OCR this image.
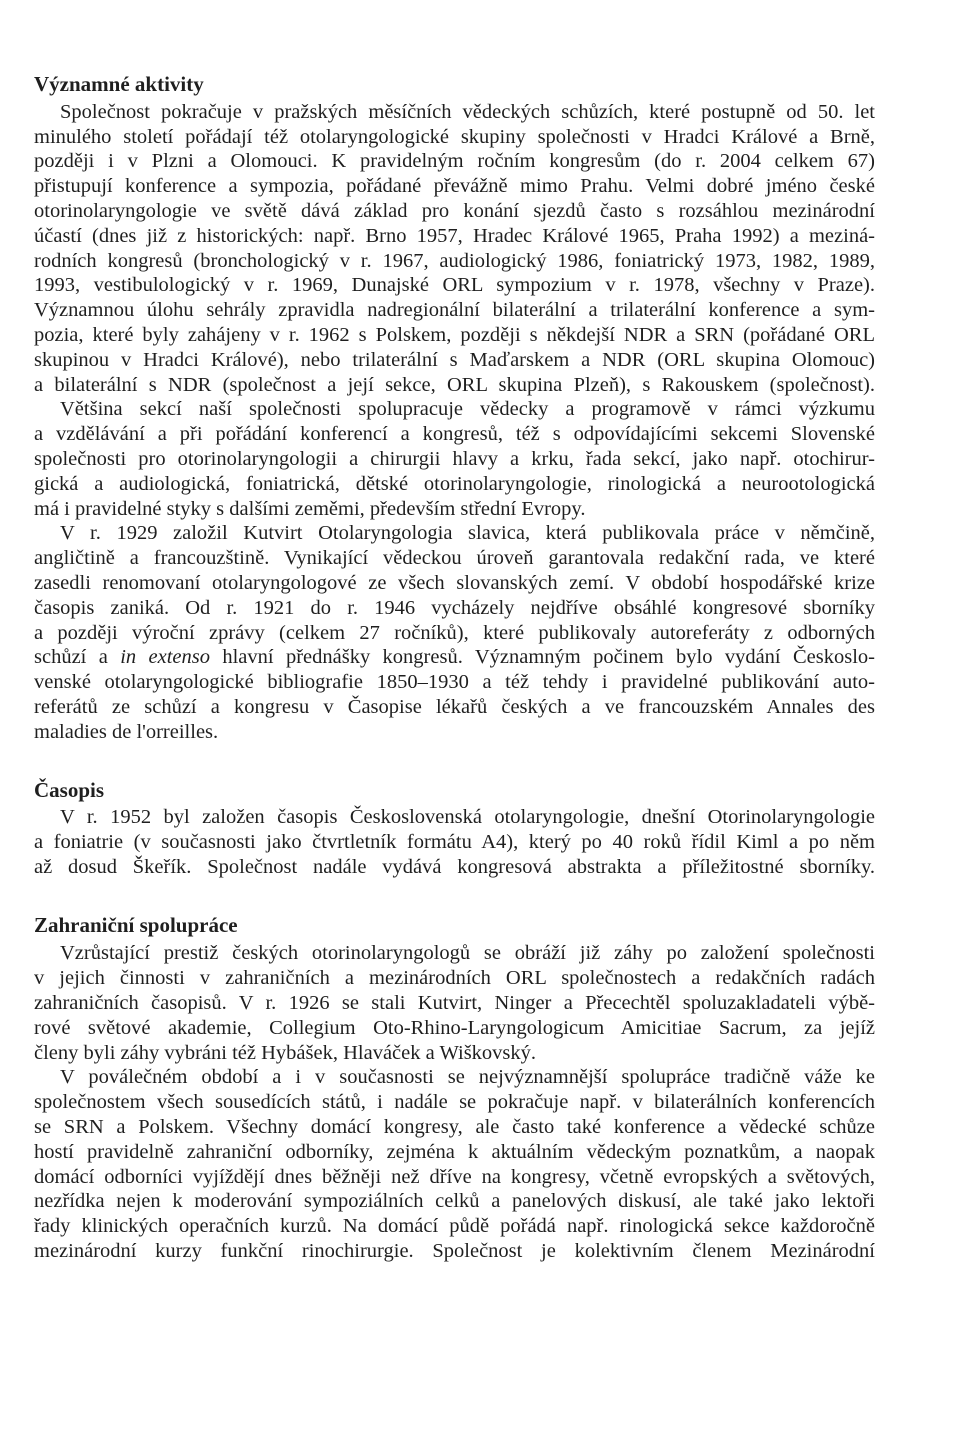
Významné aktivity
Společnost pokračuje v pražských měsíčních vědeckých schůzích, které postupně od 50. let
minulého století pořádají též otolaryngologické skupiny společnosti v Hradci Králové a Brně,
později i v Plzni a Olomouci. K pravidelným ročním kongresům (do r. 2004 celkem 67)
přistupují konference a sympozia, pořádané převážně mimo Prahu. Velmi dobré jméno české
otorinolaryngologie ve světě dává základ pro konání sjezdů často s rozsáhlou mezinárodní
účastí (dnes již z historických: např. Brno 1957, Hradec Králové 1965, Praha 1992) a meziná-
rodních kongresů (bronchologický v r. 1967, audiologický 1986, foniatrický 1973, 1982, 1989,
1993, vestibulologický v r. 1969, Dunajské ORL sympozium v r. 1978, všechny v Praze).
Významnou úlohu sehrály zpravidla nadregionální bilaterální a trilaterální konference a sym-
pozia, které byly zahájeny v r. 1962 s Polskem, později s někdejší NDR a SRN (pořádané ORL
skupinou v Hradci Králové), nebo trilaterální s Maďarskem a NDR (ORL skupina Olomouc)
a bilaterální s NDR (společnost a její sekce, ORL skupina Plzeň), s Rakouskem (společnost).
Většina sekcí naší společnosti spolupracuje vědecky a programově v rámci výzkumu
a vzdělávání a při pořádání konferencí a kongresů, též s odpovídajícími sekcemi Slovenské
společnosti pro otorinolaryngologii a chirurgii hlavy a krku, řada sekcí, jako např. otochirur-
gická a audiologická, foniatrická, dětské otorinolaryngologie, rinologická a neurootologická
má i pravidelné styky s dalšími zeměmi, především střední Evropy.
V r. 1929 založil Kutvirt Otolaryngologia slavica, která publikovala práce v němčině,
angličtině a francouzštině. Vynikající vědeckou úroveň garantovala redakční rada, ve které
zasedli renomovaní otolaryngologové ze všech slovanských zemí. V období hospodářské krize
časopis zaniká. Od r. 1921 do r. 1946 vycházely nejdříve obsáhlé kongresové sborníky
a později výroční zprávy (celkem 27 ročníků), které publikovaly autoreferáty z odborných
schůzí a in extenso hlavní přednášky kongresů. Významným počinem bylo vydání Českoslo-
venské otolaryngologické bibliografie 1850–1930 a též tehdy i pravidelné publikování auto-
referátů ze schůzí a kongresu v Časopise lékařů českých a ve francouzském Annales des
maladies de l'orreilles.
Časopis
V r. 1952 byl založen časopis Československá otolaryngologie, dnešní Otorinolaryngologie
a foniatrie (v současnosti jako čtvrtletník formátu A4), který po 40 roků řídil Kiml a po něm
až dosud Škeřík. Společnost nadále vydává kongresová abstrakta a příležitostné sborníky.
Zahraniční spolupráce
Vzrůstající prestiž českých otorinolaryngologů se obráží již záhy po založení společnosti
v jejich činnosti v zahraničních a mezinárodních ORL společnostech a redakčních radách
zahraničních časopisů. V r. 1926 se stali Kutvirt, Ninger a Přecechtěl spoluzakladateli výbě-
rové světové akademie, Collegium Oto-Rhino-Laryngologicum Amicitiae Sacrum, za jejíž
členy byli záhy vybráni též Hybášek, Hlaváček a Wiškovský.
V poválečném období a i v současnosti se nejvýznamnější spolupráce tradičně váže ke
společnostem všech sousedících států, i nadále se pokračuje např. v bilaterálních konferencích
se SRN a Polskem. Všechny domácí kongresy, ale často také konference a vědecké schůze
hostí pravidelně zahraniční odborníky, zejména k aktuálním vědeckým poznatkům, a naopak
domácí odborníci vyjíždějí dnes běžněji než dříve na kongresy, včetně evropských a světových,
nezřídka nejen k moderování sympoziálních celků a panelových diskusí, ale také jako lektoři
řady klinických operačních kurzů. Na domácí půdě pořádá např. rinologická sekce každoročně
mezinárodní kurzy funkční rinochirurgie. Společnost je kolektivním členem Mezinárodní
